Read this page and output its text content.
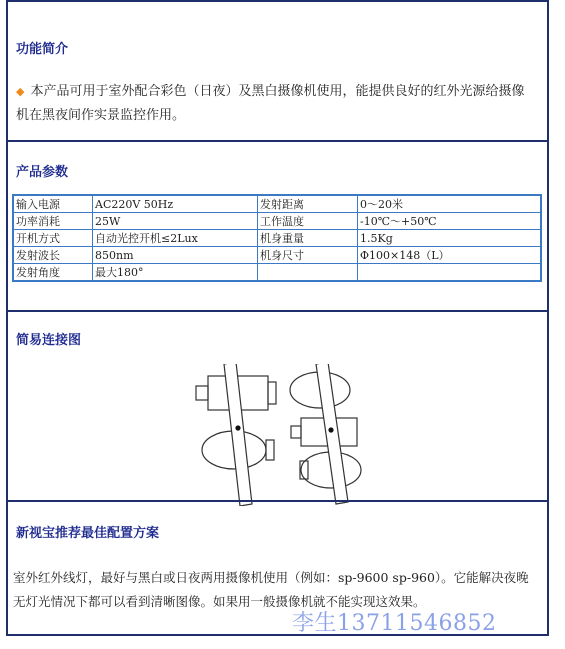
功能简介
◆ 本产品可用于室外配合彩色（日夜）及黑白摄像机使用，能提供良好的红外光源给摄像机在黑夜间作实景监控作用。
产品参数
输入电源	AC220V 50Hz	发射距离	0～20米
功率消耗	25W	工作温度	-10℃～+50℃
开机方式	自动光控开机≤2Lux	机身重量	1.5Kg
发射波长	850nm	机身尺寸	Φ100×148（L）
发射角度	最大180°		
简易连接图
新视宝推荐最佳配置方案
室外红外线灯，最好与黑白或日夜两用摄像机使用（例如：sp-9600 sp-960）。它能解决夜晚无灯光情况下都可以看到清晰图像。如果用一般摄像机就不能实现这效果。
李生13711546852
